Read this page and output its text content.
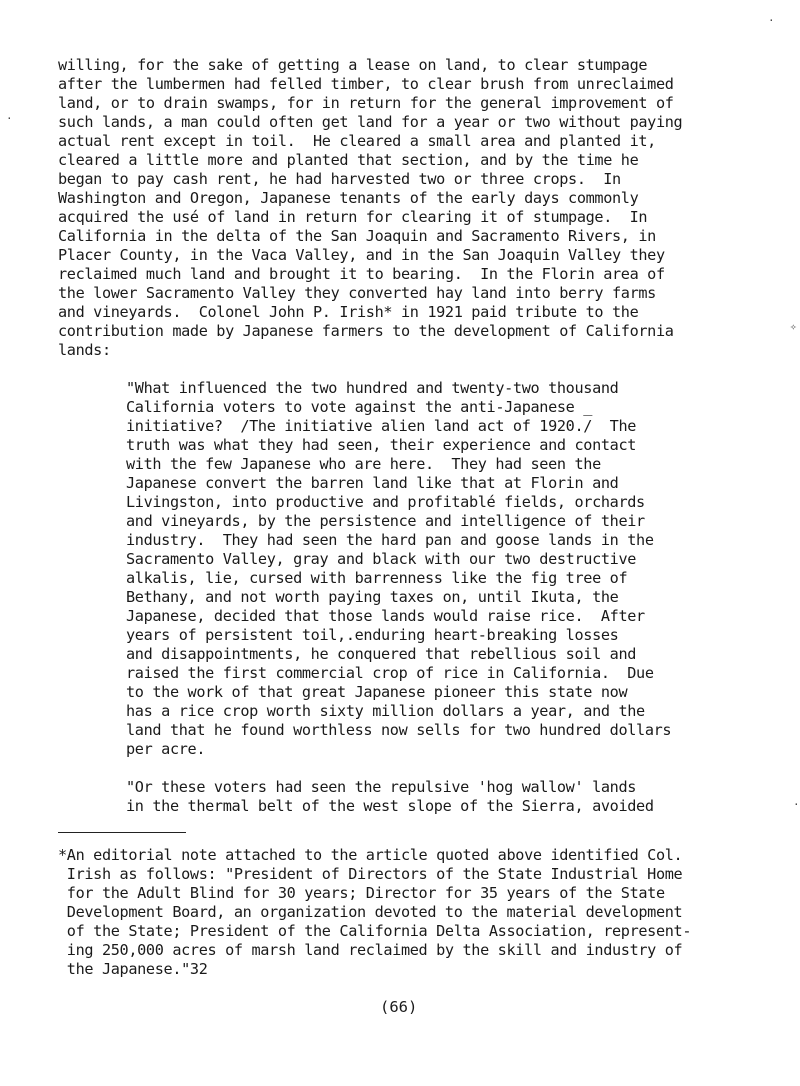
willing, for the sake of getting a lease on land, to clear stumpage
after the lumbermen had felled timber, to clear brush from unreclaimed
land, or to drain swamps, for in return for the general improvement of
such lands, a man could often get land for a year or two without paying
actual rent except in toil.  He cleared a small area and planted it,
cleared a little more and planted that section, and by the time he
began to pay cash rent, he had harvested two or three crops.  In
Washington and Oregon, Japanese tenants of the early days commonly
acquired the usé of land in return for clearing it of stumpage.  In
California in the delta of the San Joaquin and Sacramento Rivers, in
Placer County, in the Vaca Valley, and in the San Joaquin Valley they
reclaimed much land and brought it to bearing.  In the Florin area of
the lower Sacramento Valley they converted hay land into berry farms
and vineyards.  Colonel John P. Irish* in 1921 paid tribute to the
contribution made by Japanese farmers to the development of California
lands:
"What influenced the two hundred and twenty-two thousand
California voters to vote against the anti-Japanese _
initiative?  /The initiative alien land act of 1920./  The
truth was what they had seen, their experience and contact
with the few Japanese who are here.  They had seen the
Japanese convert the barren land like that at Florin and
Livingston, into productive and profitablé fields, orchards
and vineyards, by the persistence and intelligence of their
industry.  They had seen the hard pan and goose lands in the
Sacramento Valley, gray and black with our two destructive
alkalis, lie, cursed with barrenness like the fig tree of
Bethany, and not worth paying taxes on, until Ikuta, the
Japanese, decided that those lands would raise rice.  After
years of persistent toil,.enduring heart-breaking losses
and disappointments, he conquered that rebellious soil and
raised the first commercial crop of rice in California.  Due
to the work of that great Japanese pioneer this state now
has a rice crop worth sixty million dollars a year, and the
land that he found worthless now sells for two hundred dollars
per acre.
"Or these voters had seen the repulsive 'hog wallow' lands
in the thermal belt of the west slope of the Sierra, avoided
*An editorial note attached to the article quoted above identified Col.
Irish as follows: "President of Directors of the State Industrial Home
for the Adult Blind for 30 years; Director for 35 years of the State
Development Board, an organization devoted to the material development
of the State; President of the California Delta Association, represent-
ing 250,000 acres of marsh land reclaimed by the skill and industry of
the Japanese."32
(66)
✧
·
·
·
